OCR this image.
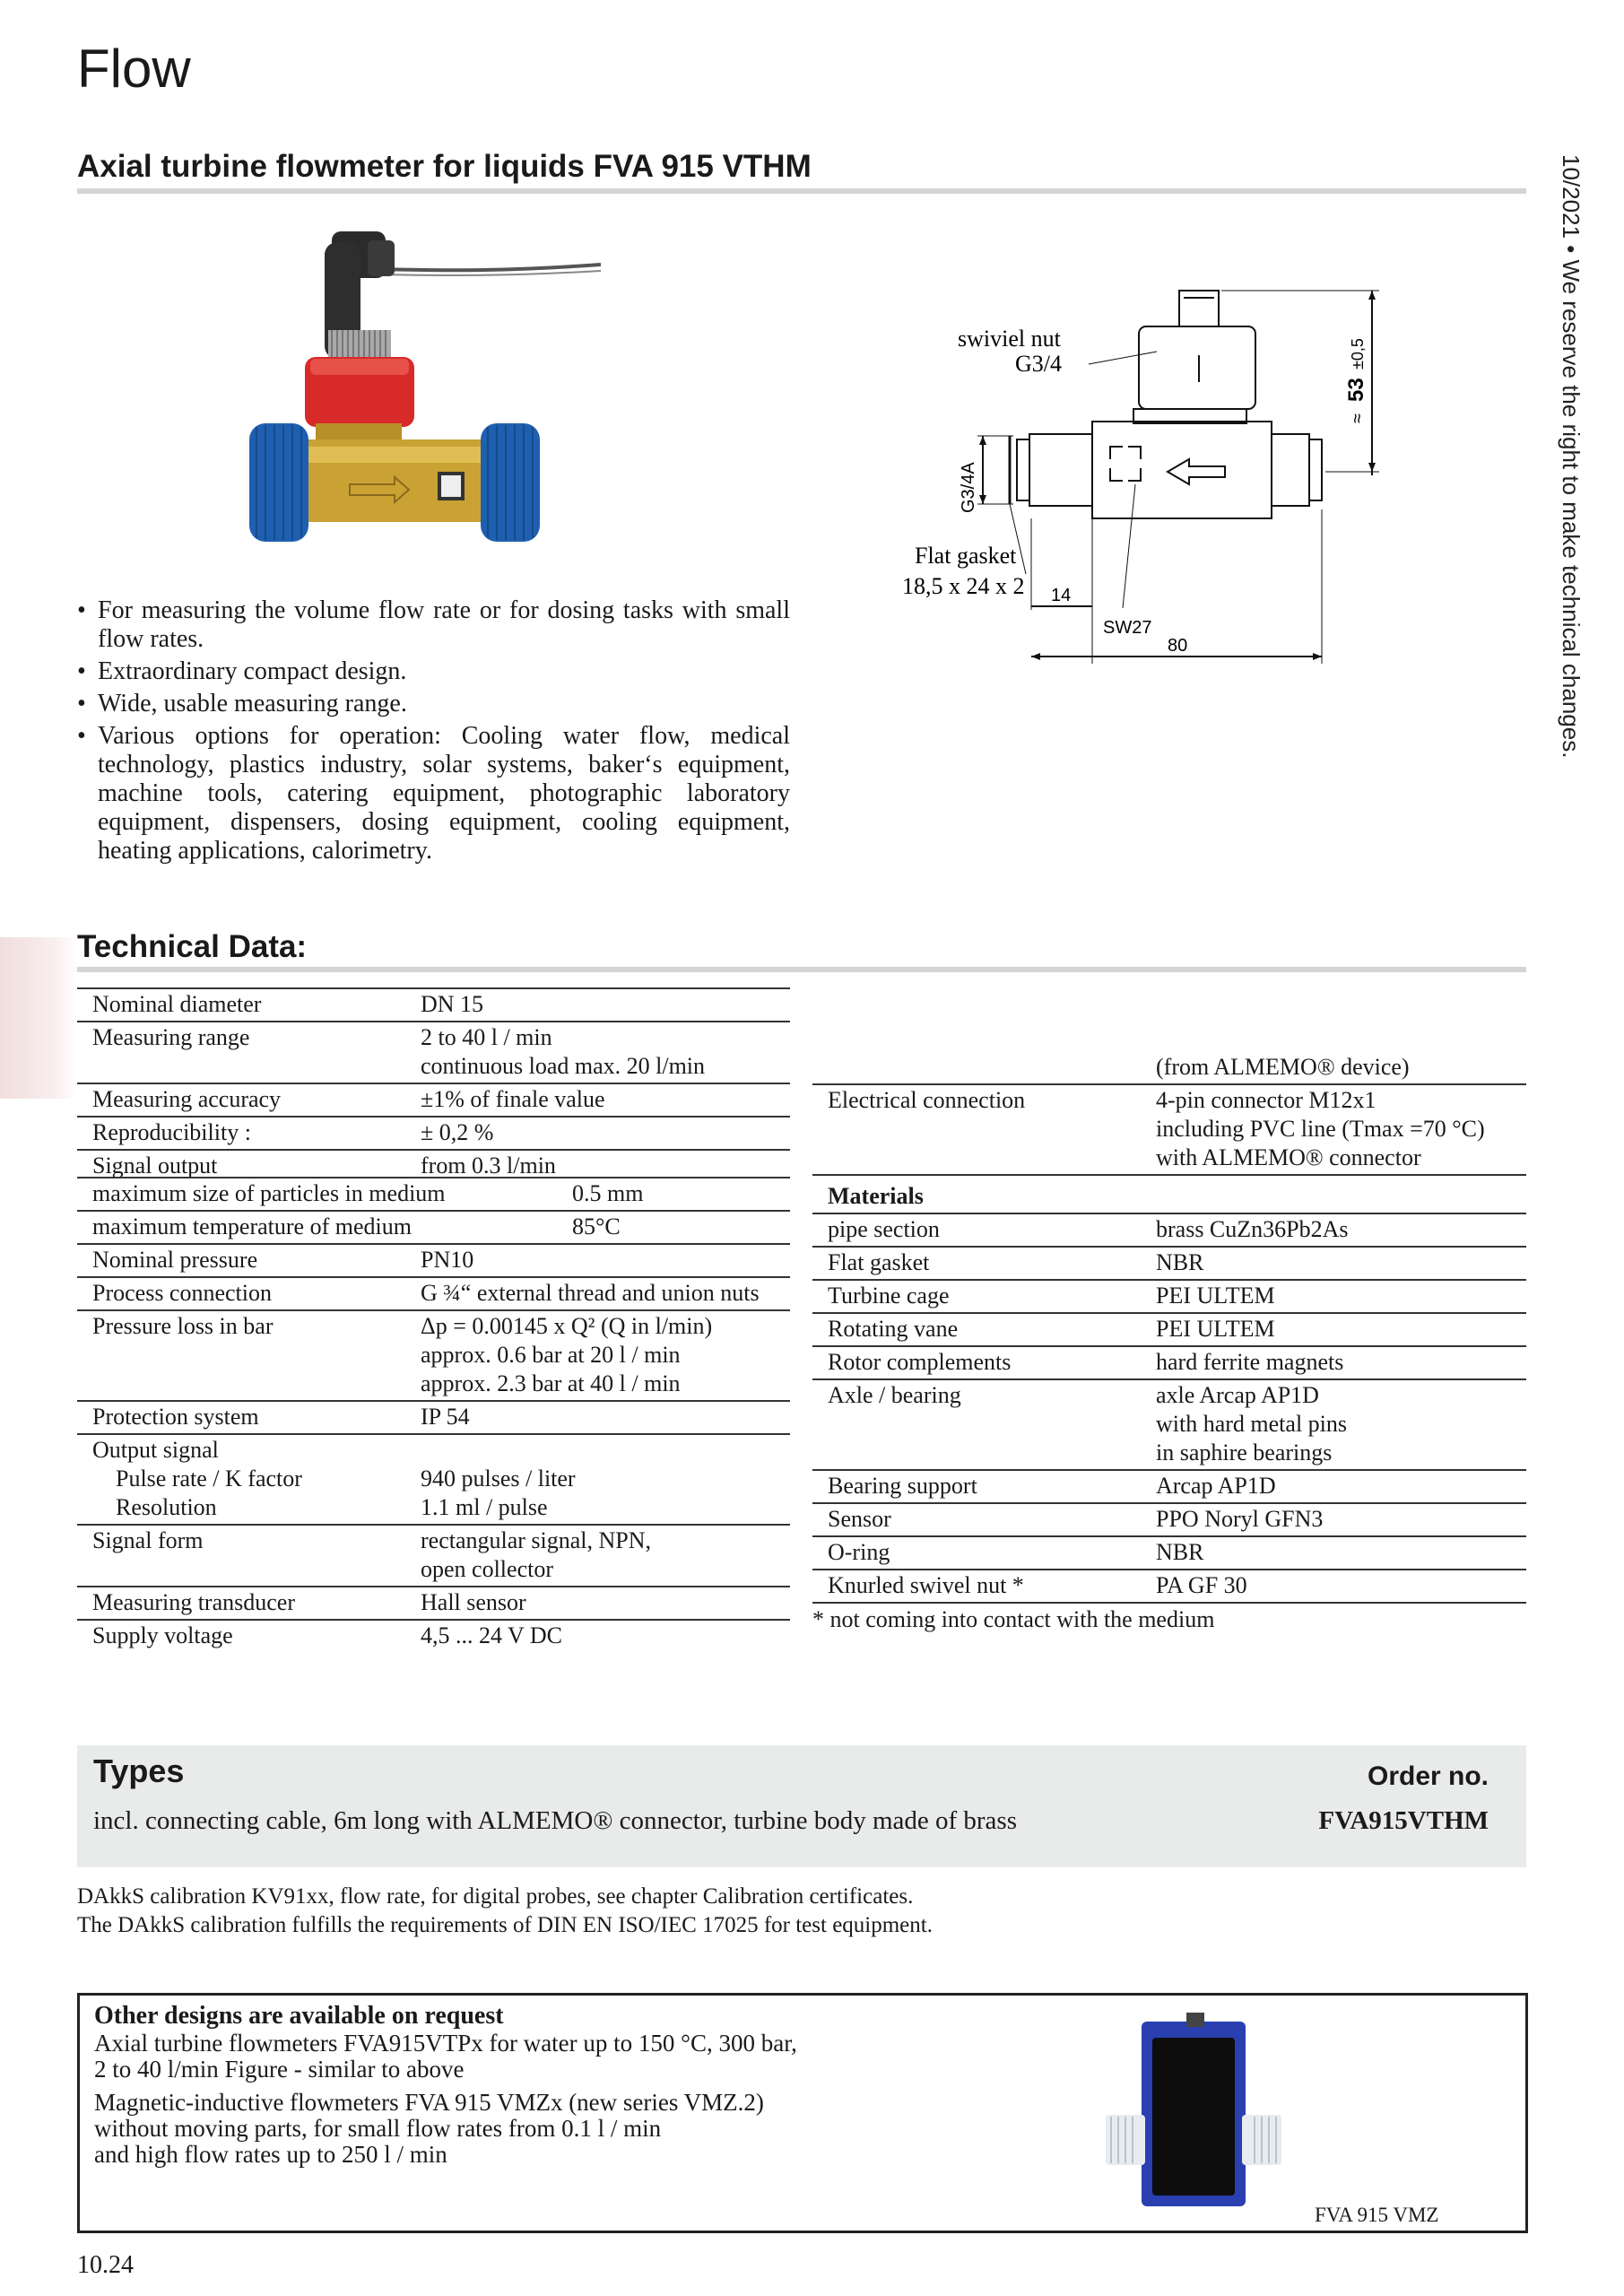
Flow
Axial turbine flowmeter for liquids FVA 915 VTHM	10/2021 • We reserve the right to make technical changes.
swiviel nut
G3/4
Flat gasket
18,5 x 24 x 2 14
SW27
80
G3/4A
≈
53
±0,5
• For measuring the volume flow rate or for dosing tasks with small flow rates.
• Extraordinary compact design.
• Wide, usable measuring range.
• Various options for operation: Cooling water flow, medical technology, plastics industry, solar systems, baker‘s equipment, machine tools, catering equipment, photographic laboratory equipment, dispensers, dosing equipment, cooling equipment, heating applications, calorimetry.
Technical Data:
Nominal diameter	DN 15
Measuring range	2 to 40 l / min
continuous load max. 20 l/min

Measuring accuracy	±1% of finale value
Reproducibility :	± 0,2 %
Signal output	from 0.3 l/min
maximum size of particles in medium	0.5 mm
maximum temperature of medium	85°C
Nominal pressure	PN10
Process connection	G ¾“ external thread and union nuts
Pressure loss in bar	Δp = 0.00145 x Q² (Q in l/min)
approx. 0.6 bar at 20 l / min
approx. 2.3 bar at 40 l / min

Protection system	IP 54
Output signal
Pulse rate / K factor	940 pulses / liter
Resolution	1.1 ml / pulse
Signal form	rectangular signal, NPN,
open collector

Measuring transducer	Hall sensor
Supply voltage	4,5 ... 24 V DC
(from ALMEMO® device)
Electrical connection	4-pin connector M12x1
including PVC line (Tmax =70 °C)
with ALMEMO® connector

Materials
pipe section	brass CuZn36Pb2As
Flat gasket	NBR
Turbine cage	PEI ULTEM
Rotating vane	PEI ULTEM
Rotor complements	hard ferrite magnets
Axle / bearing	axle Arcap AP1D
with hard metal pins
in saphire bearings

Bearing support	Arcap AP1D
Sensor	PPO Noryl GFN3
O-ring	NBR
Knurled swivel nut *	PA GF 30
* not coming into contact with the medium
Types
incl. connecting cable, 6m long with ALMEMO® connector, turbine body made of brass
Order no.
FVA915VTHM
DAkkS calibration KV91xx, flow rate, for digital probes, see chapter Calibration certificates.
The DAkkS calibration fulfills the requirements of DIN EN ISO/IEC 17025 for test equipment.
Other designs are available on request
Axial turbine flowmeters FVA915VTPx for water up to 150 °C, 300 bar,
2 to 40 l/min Figure - similar to above
Magnetic-inductive flowmeters FVA 915 VMZx (new series VMZ.2)
without moving parts, for small flow rates from 0.1 l / min
and high flow rates up to 250 l / min
FVA 915 VMZ
10.24
